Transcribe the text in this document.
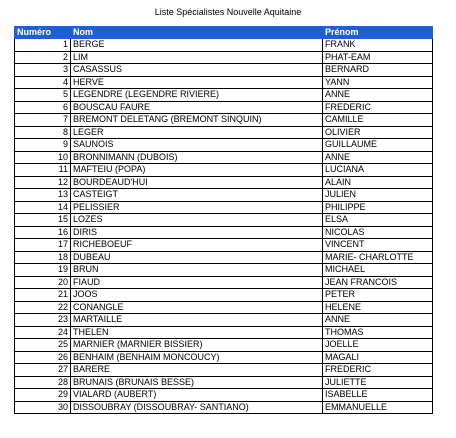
Liste Spécialistes Nouvelle Aquitaine
Numéro	Nom	Prénom
1	BERGE	FRANK
2	LIM	PHAT-EAM
3	CASASSUS	BERNARD
4	HERVE	YANN
5	LEGENDRE (LEGENDRE RIVIERE)	ANNE
6	BOUSCAU FAURE	FREDERIC
7	BREMONT DELETANG (BREMONT SINQUIN)	CAMILLE
8	LEGER	OLIVIER
9	SAUNOIS	GUILLAUME
10	BRONNIMANN (DUBOIS)	ANNE
11	MAFTEIU (POPA)	LUCIANA
12	BOURDEAUD'HUI	ALAIN
13	CASTEIGT	JULIEN
14	PELISSIER	PHILIPPE
15	LOZES	ELSA
16	DIRIS	NICOLAS
17	RICHEBOEUF	VINCENT
18	DUBEAU	MARIE- CHARLOTTE
19	BRUN	MICHAEL
20	FIAUD	JEAN FRANCOIS
21	JOOS	PETER
22	CONANGLE	HELENE
23	MARTAILLE	ANNE
24	THELEN	THOMAS
25	MARNIER (MARNIER BISSIER)	JOELLE
26	BENHAIM (BENHAIM MONCOUCY)	MAGALI
27	BARERE	FREDERIC
28	BRUNAIS (BRUNAIS BESSE)	JULIETTE
29	VIALARD (AUBERT)	ISABELLE
30	DISSOUBRAY (DISSOUBRAY- SANTIANO)	EMMANUELLE
